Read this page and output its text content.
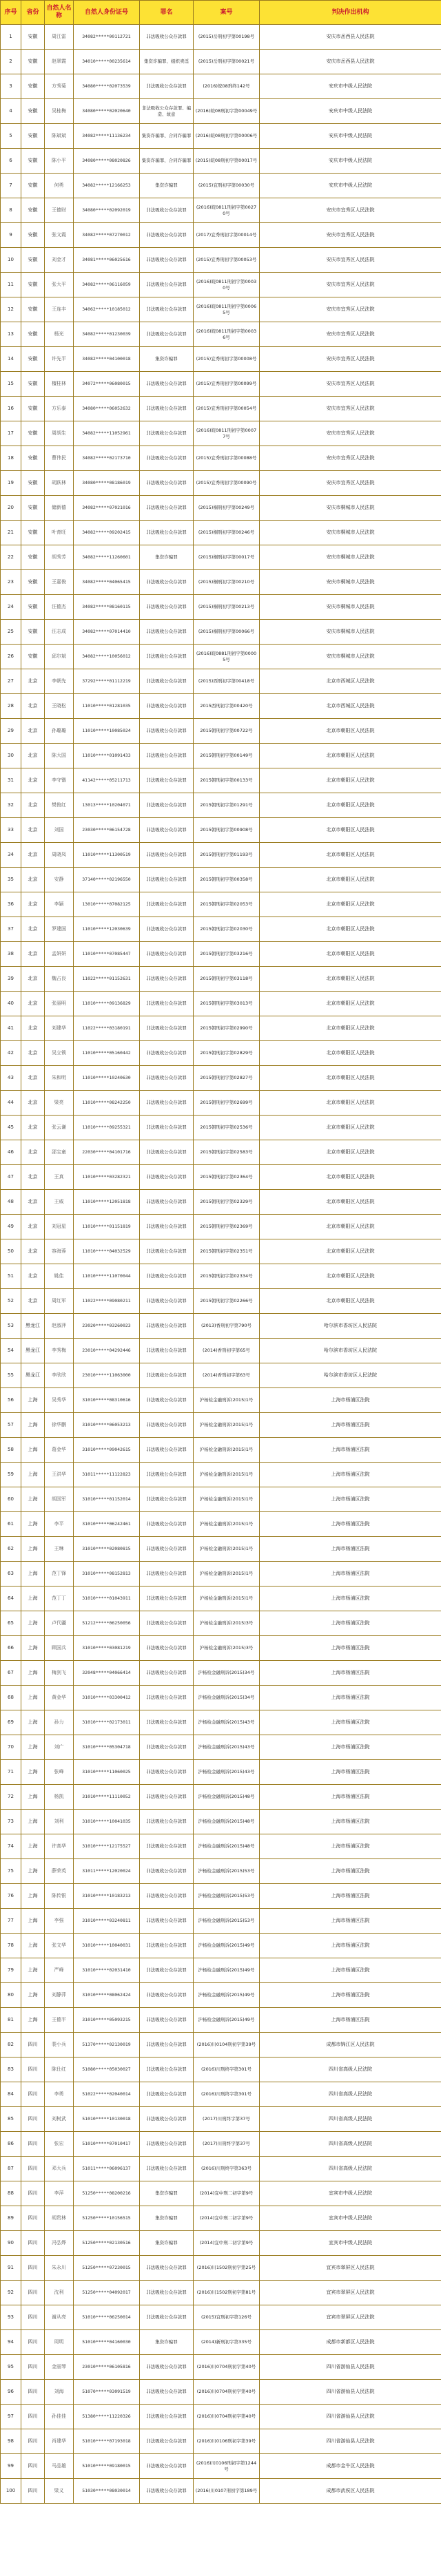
序号	省份	自然人名称	自然人身份证号	罪名	案号	判决作出机构
1	安徽	周江雷	34082*****00112721	非法吸收公众存款罪	(2015)岳刑初字第00198号	安庆市岳西县人民法院
2	安徽	赵翠霞	34010*****00235614	集资诈骗罪、组织卖淫	(2015)岳刑初字第00021号	安庆市岳西县人民法院
3	安徽	方秀菊	34080*****02073539	非法吸收公众存款罪	(2016)皖08刑终142号	安庆市中级人民法院
4	安徽	吴桂梅	34080*****02020640	非法吸收公众存款罪、编造、故意	(2016)皖08刑初字第00049号	安庆市中级人民法院
5	安徽	陈斌斌	34082*****11136234	集资诈骗罪、合同诈骗罪	(2016)皖08刑初字第00006号	安庆市中级人民法院
6	安徽	陈小平	34080*****08020826	集资诈骗罪、合同诈骗罪	(2015)皖08刑初字第00017号	安庆市中级人民法院
7	安徽	何勇	34082*****12166253	集资诈骗罪	(2015)宜刑初字第00030号	安庆市中级人民法院
8	安徽	王德财	34080*****02092019	非法吸收公众存款罪	(2016)皖0811刑初字第00270号	安庆市宜秀区人民法院
9	安徽	张文霞	34082*****07270012	非法吸收公众存款罪	(2017)宜秀刑初字第00014号	安庆市宜秀区人民法院
10	安徽	刘金才	34081*****06025616	非法吸收公众存款罪	(2015)宜秀刑初字第00053号	安庆市宜秀区人民法院
11	安徽	张大平	34082*****06116059	非法吸收公众存款罪	(2016)皖0811刑初字第00030号	安庆市宜秀区人民法院
12	安徽	王连丰	34062*****10185012	非法吸收公众存款罪	(2016)皖0811刑初字第00065号	安庆市宜秀区人民法院
13	安徽	杨光	34082*****01230039	非法吸收公众存款罪	(2016)皖0811刑初字第00036号	安庆市宜秀区人民法院
14	安徽	许先平	34082*****04100018	集资诈骗罪	(2015)宜秀刑初字第00008号	安庆市宜秀区人民法院
15	安徽	檀桂林	34072*****06080015	非法吸收公众存款罪	(2015)宜秀刑初字第00099号	安庆市宜秀区人民法院
16	安徽	方乐泰	34080*****06052632	非法吸收公众存款罪	(2015)宜秀刑初字第00054号	安庆市宜秀区人民法院
17	安徽	周胡生	34082*****11052961	非法吸收公众存款罪	(2016)皖0811刑初字第00077号	安庆市宜秀区人民法院
18	安徽	曹伟民	34082*****02173710	非法吸收公众存款罪	(2015)宜秀刑初字第00088号	安庆市宜秀区人民法院
19	安徽	胡跃林	34080*****08186019	非法吸收公众存款罪	(2015)宜秀刑初字第00090号	安庆市宜秀区人民法院
20	安徽	储新德	34082*****07021016	非法吸收公众存款罪	(2015)桐刑初字第00249号	安庆市桐城市人民法院
21	安徽	叶育旺	34082*****09202415	非法吸收公众存款罪	(2015)桐刑初字第00246号	安庆市桐城市人民法院
22	安徽	胡秀芳	34082*****11260601	集资诈骗罪	(2015)桐刑初字第00017号	安庆市桐城市人民法院
23	安徽	王嘉俊	34082*****04065415	非法吸收公众存款罪	(2015)桐刑初字第00210号	安庆市桐城市人民法院
24	安徽	汪德杰	34082*****08160115	非法吸收公众存款罪	(2015)桐刑初字第00213号	安庆市桐城市人民法院
25	安徽	汪志成	34082*****07014410	非法吸收公众存款罪	(2015)桐刑初字第00066号	安庆市桐城市人民法院
26	安徽	邱尔斌	34082*****10056012	非法吸收公众存款罪	(2016)皖0881刑初字第00005号	安庆市桐城市人民法院
27	北京	李朝先	37292*****01112219	非法吸收公众存款罪	(2015)西刑初字第00418号	北京市西城区人民法院
28	北京	王晓松	11010*****01281035	非法吸收公众存款罪	2015西刑初字第00420号	北京市西城区人民法院
29	北京	孙璐璐	11010*****10085024	非法吸收公众存款罪	2015朝刑初字第00722号	北京市朝阳区人民法院
30	北京	陈大国	11010*****01091433	非法吸收公众存款罪	2015朝刑初字第00149号	北京市朝阳区人民法院
31	北京	李守锴	41142*****05211713	非法吸收公众存款罪	2015朝刑初字第00133号	北京市朝阳区人民法院
32	北京	樊俊红	13013*****10204071	非法吸收公众存款罪	2015朝刑初字第01291号	北京市朝阳区人民法院
33	北京	刘国	23030*****06154728	非法吸收公众存款罪	2015朝刑初字第00908号	北京市朝阳区人民法院
34	北京	周晓凤	11010*****11300519	非法吸收公众存款罪	2015朝刑初字第01193号	北京市朝阳区人民法院
35	北京	安静	37140*****02196550	非法吸收公众存款罪	2015朝刑初字第00358号	北京市朝阳区人民法院
36	北京	李颖	13010*****07082125	非法吸收公众存款罪	2015朝刑初字第02053号	北京市朝阳区人民法院
37	北京	罗建国	11010*****12030639	非法吸收公众存款罪	2015朝刑初字第02030号	北京市朝阳区人民法院
38	北京	孟妍妍	11010*****07085447	非法吸收公众存款罪	2015朝刑初字第03216号	北京市朝阳区人民法院
39	北京	魏占良	11022*****01152631	非法吸收公众存款罪	2015朝刑初字第03118号	北京市朝阳区人民法院
40	北京	张丽明	11010*****09136829	非法吸收公众存款罪	2015朝刑初字第03013号	北京市朝阳区人民法院
41	北京	刘建华	11022*****03180191	非法吸收公众存款罪	2015朝刑初字第02990号	北京市朝阳区人民法院
42	北京	吴立锁	11010*****05160442	非法吸收公众存款罪	2015朝刑初字第02829号	北京市朝阳区人民法院
43	北京	朱和明	11010*****10240630	非法吸收公众存款罪	2015朝刑初字第02827号	北京市朝阳区人民法院
44	北京	梁亮	11010*****08242250	非法吸收公众存款罪	2015朝刑初字第02699号	北京市朝阳区人民法院
45	北京	张云谦	11010*****09255321	非法吸收公众存款罪	2015朝刑初字第02536号	北京市朝阳区人民法院
46	北京	邵宝童	22030*****04101716	非法吸收公众存款罪	2015朝刑初字第02583号	北京市朝阳区人民法院
47	北京	王真	11010*****03282321	非法吸收公众存款罪	2015朝刑初字第02364号	北京市朝阳区人民法院
48	北京	王威	11010*****12051818	非法吸收公众存款罪	2015朝刑初字第02329号	北京市朝阳区人民法院
49	北京	刘冠星	11010*****01151819	非法吸收公众存款罪	2015朝刑初字第02369号	北京市朝阳区人民法院
50	北京	容海蓉	11010*****04032529	非法吸收公众存款罪	2015朝刑初字第02351号	北京市朝阳区人民法院
51	北京	姚佳	11010*****11070044	非法吸收公众存款罪	2015朝刑初字第02334号	北京市朝阳区人民法院
52	北京	周红军	11022*****09080211	非法吸收公众存款罪	2015朝刑初字第02266号	北京市朝阳区人民法院
53	黑龙江	赵淑萍	23020*****03260023	非法吸收公众存款罪	(2013)香刑初字第790号	哈尔滨市香坊区人民法院
54	黑龙江	李秀梅	23010*****04292446	非法吸收公众存款罪	(2014)香刑初字第65号	哈尔滨市香坊区人民法院
55	黑龙江	李欣欣	23010*****11063000	非法吸收公众存款罪	(2014)香刑初字第63号	哈尔滨市香坊区人民法院
56	上海	吴秀华	31010*****08310616	非法吸收公众存款罪	沪杨检金融刑诉(2015)1号	上海市杨浦区法院
57	上海	徐华鹏	31010*****06053213	非法吸收公众存款罪	沪杨检金融刑诉(2015)1号	上海市杨浦区法院
58	上海	葛金华	31010*****09042615	非法吸收公众存款罪	沪杨检金融刑诉(2015)1号	上海市杨浦区法院
59	上海	王洪华	31011*****11122823	非法吸收公众存款罪	沪杨检金融刑诉(2015)1号	上海市杨浦区法院
60	上海	胡国军	31010*****01152014	非法吸收公众存款罪	沪杨检金融刑诉(2015)1号	上海市杨浦区法院
61	上海	李平	31010*****06242461	非法吸收公众存款罪	沪杨检金融刑诉(2015)1号	上海市杨浦区法院
62	上海	王琳	31010*****02080815	非法吸收公众存款罪	沪杨检金融刑诉(2015)1号	上海市杨浦区法院
63	上海	范丁锋	31010*****08152813	非法吸收公众存款罪	沪杨检金融刑诉(2015)1号	上海市杨浦区法院
64	上海	范丁丁	31010*****01043911	非法吸收公众存款罪	沪杨检金融刑诉(2015)1号	上海市杨浦区法院
65	上海	卢代疆	51212*****06250056	非法吸收公众存款罪	沪杨检金融刑诉(2015)3号	上海市杨浦区法院
66	上海	顾国兵	31010*****03081219	非法吸收公众存款罪	沪杨检金融刑诉(2015)3号	上海市杨浦区法院
67	上海	梅剑飞	32048*****04066414	非法吸收公众存款罪	沪杨检金融刑诉(2015)34号	上海市杨浦区法院
68	上海	黄金华	31010*****03300412	非法吸收公众存款罪	沪杨检金融刑诉(2015)34号	上海市杨浦区法院
69	上海	孙力	31010*****02173011	非法吸收公众存款罪	沪杨检金融刑诉(2015)43号	上海市杨浦区法院
70	上海	刘广	31010*****05304718	非法吸收公众存款罪	沪杨检金融刑诉(2015)43号	上海市杨浦区法院
71	上海	张峰	31010*****11060025	非法吸收公众存款罪	沪杨检金融刑诉(2015)43号	上海市杨浦区法院
72	上海	杨凯	31010*****11110052	非法吸收公众存款罪	沪杨检金融刑诉(2015)48号	上海市杨浦区法院
73	上海	刘利	31010*****10041035	非法吸收公众存款罪	沪杨检金融刑诉(2015)48号	上海市杨浦区法院
74	上海	许高华	31010*****12175527	非法吸收公众存款罪	沪杨检金融刑诉(2015)48号	上海市杨浦区法院
75	上海	薛荣英	31011*****12020024	非法吸收公众存款罪	沪杨检金融刑诉(2015)53号	上海市杨浦区法院
76	上海	陈传银	31010*****10183213	非法吸收公众存款罪	沪杨检金融刑诉(2015)53号	上海市杨浦区法院
77	上海	李强	31010*****03240811	非法吸收公众存款罪	沪杨检金融刑诉(2015)53号	上海市杨浦区法院
78	上海	张文华	31010*****10040031	非法吸收公众存款罪	沪杨检金融刑诉(2015)49号	上海市杨浦区法院
79	上海	严峰	31010*****02031410	非法吸收公众存款罪	沪杨检金融刑诉(2015)49号	上海市杨浦区法院
80	上海	刘静萍	31010*****08062424	非法吸收公众存款罪	沪杨检金融刑诉(2015)49号	上海市杨浦区法院
81	上海	王德平	31010*****05093215	非法吸收公众存款罪	沪杨检金融刑诉(2015)49号	上海市杨浦区法院
82	四川	裴小兵	51370*****02130019	非法吸收公众存款罪	(2016)川0104刑初字第39号	成都市锦江区人民法院
83	四川	陈仕红	51080*****05030027	非法吸收公众存款罪	(2016)川刑终字第301号	四川省高级人民法院
84	四川	李勇	51022*****02040014	非法吸收公众存款罪	(2016)川刑终字第301号	四川省高级人民法院
85	四川	刘树武	51010*****10130018	非法吸收公众存款罪	(2017)川刑终字第37号	四川省高级人民法院
86	四川	张宏	51010*****07010417	非法吸收公众存款罪	(2017)川刑终字第37号	四川省高级人民法院
87	四川	邓大兵	51011*****06096137	非法吸收公众存款罪	(2016)川刑终字第363号	四川省高级人民法院
88	四川	李萍	51250*****08200216	集资诈骗罪	(2014)宜中刑二初字第9号	宜宾市中级人民法院
89	四川	胡贵林	51250*****10156515	集资诈骗罪	(2014)宜中刑二初字第9号	宜宾市中级人民法院
90	四川	冯弘烨	51250*****02130516	集资诈骗罪	(2014)宜中刑二初字第9号	宜宾市中级人民法院
91	四川	朱永川	51250*****07230015	非法吸收公众存款罪	(2016)川1502刑初字第25号	宜宾市翠屏区人民法院
92	四川	沈利	51250*****04092017	非法吸收公众存款罪	(2016)川1502刑初字第81号	宜宾市翠屏区人民法院
93	四川	谢从亮	51010*****06250014	非法吸收公众存款罪	(2015)宜刑初字第126号	宜宾市翠屏区人民法院
94	四川	周明	51010*****04160030	集资诈骗罪	(2014)新刑初字第335号	成都市新都区人民法院
95	四川	金丽琴	23010*****06105816	非法吸收公众存款罪	(2016)川0704刑初字第40号	四川省游仙县人民法院
96	四川	刘海	51070*****03091519	非法吸收公众存款罪	(2016)川0704刑初字第40号	四川省游仙县人民法院
97	四川	孙佳佳	51380*****11220326	非法吸收公众存款罪	(2016)川0704刑初字第40号	四川省游仙县人民法院
98	四川	肖建华	51010*****07193018	非法吸收公众存款罪	(2016)川0106刑初字第39号	四川省游仙县人民法院
99	四川	马品雄	51010*****09180015	非法吸收公众存款罪	(2016)川0106刑初字第1244号	成都市金牛区人民法院
100	四川	梁义	51030*****08030014	非法吸收公众存款罪	(2016)川0107刑初字第189号	成都市武侯区人民法院
